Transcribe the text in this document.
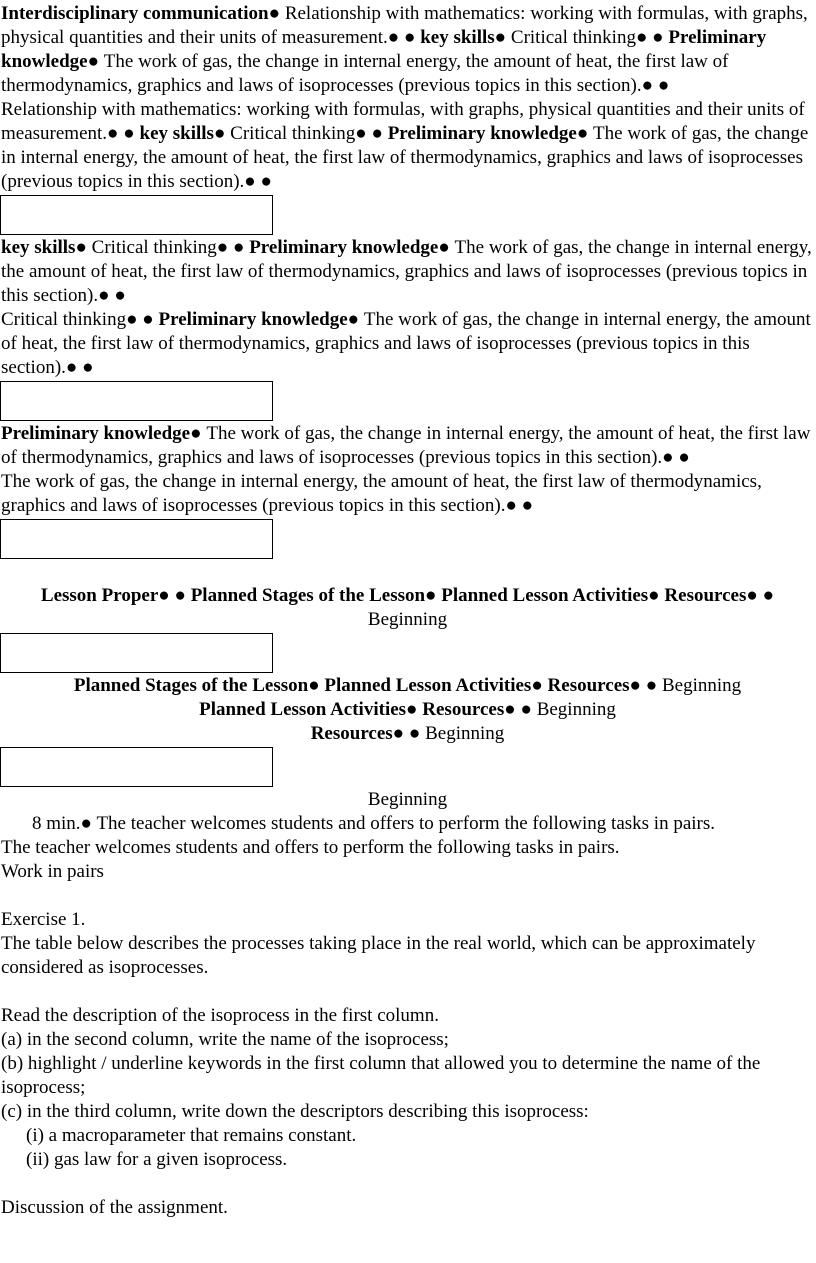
Interdisciplinary communication● Relationship with mathematics: working with formulas, with graphs, physical quantities and their units of measurement.● ● key skills● Critical thinking● ● Preliminary knowledge● The work of gas, the change in internal energy, the amount of heat, the first law of thermodynamics, graphics and laws of isoprocesses (previous topics in this section).● ●

Relationship with mathematics: working with formulas, with graphs, physical quantities and their units of measurement.● ● key skills● Critical thinking● ● Preliminary knowledge● The work of gas, the change in internal energy, the amount of heat, the first law of thermodynamics, graphics and laws of isoprocesses (previous topics in this section).● ●

key skills● Critical thinking● ● Preliminary knowledge● The work of gas, the change in internal energy, the amount of heat, the first law of thermodynamics, graphics and laws of isoprocesses (previous topics in this section).● ●

Critical thinking● ● Preliminary knowledge● The work of gas, the change in internal energy, the amount of heat, the first law of thermodynamics, graphics and laws of isoprocesses (previous topics in this section).● ●

Preliminary knowledge● The work of gas, the change in internal energy, the amount of heat, the first law of thermodynamics, graphics and laws of isoprocesses (previous topics in this section).● ●

The work of gas, the change in internal energy, the amount of heat, the first law of thermodynamics, graphics and laws of isoprocesses (previous topics in this section).● ●

Lesson Proper● ● Planned Stages of the Lesson● Planned Lesson Activities● Resources● ● Beginning

Planned Stages of the Lesson● Planned Lesson Activities● Resources● ● Beginning

Planned Lesson Activities● Resources● ● Beginning

Resources● ● Beginning

Beginning

8 min.● The teacher welcomes students and offers to perform the following tasks in pairs.

The teacher welcomes students and offers to perform the following tasks in pairs.

Work in pairs

Exercise 1.

The table below describes the processes taking place in the real world, which can be approximately considered as isoprocesses.

Read the description of the isoprocess in the first column.

(a) in the second column, write the name of the isoprocess;

(b) highlight / underline keywords in the first column that allowed you to determine the name of the isoprocess;

(c) in the third column, write down the descriptors describing this isoprocess:

(i) a macroparameter that remains constant.

(ii) gas law for a given isoprocess.

Discussion of the assignment.
